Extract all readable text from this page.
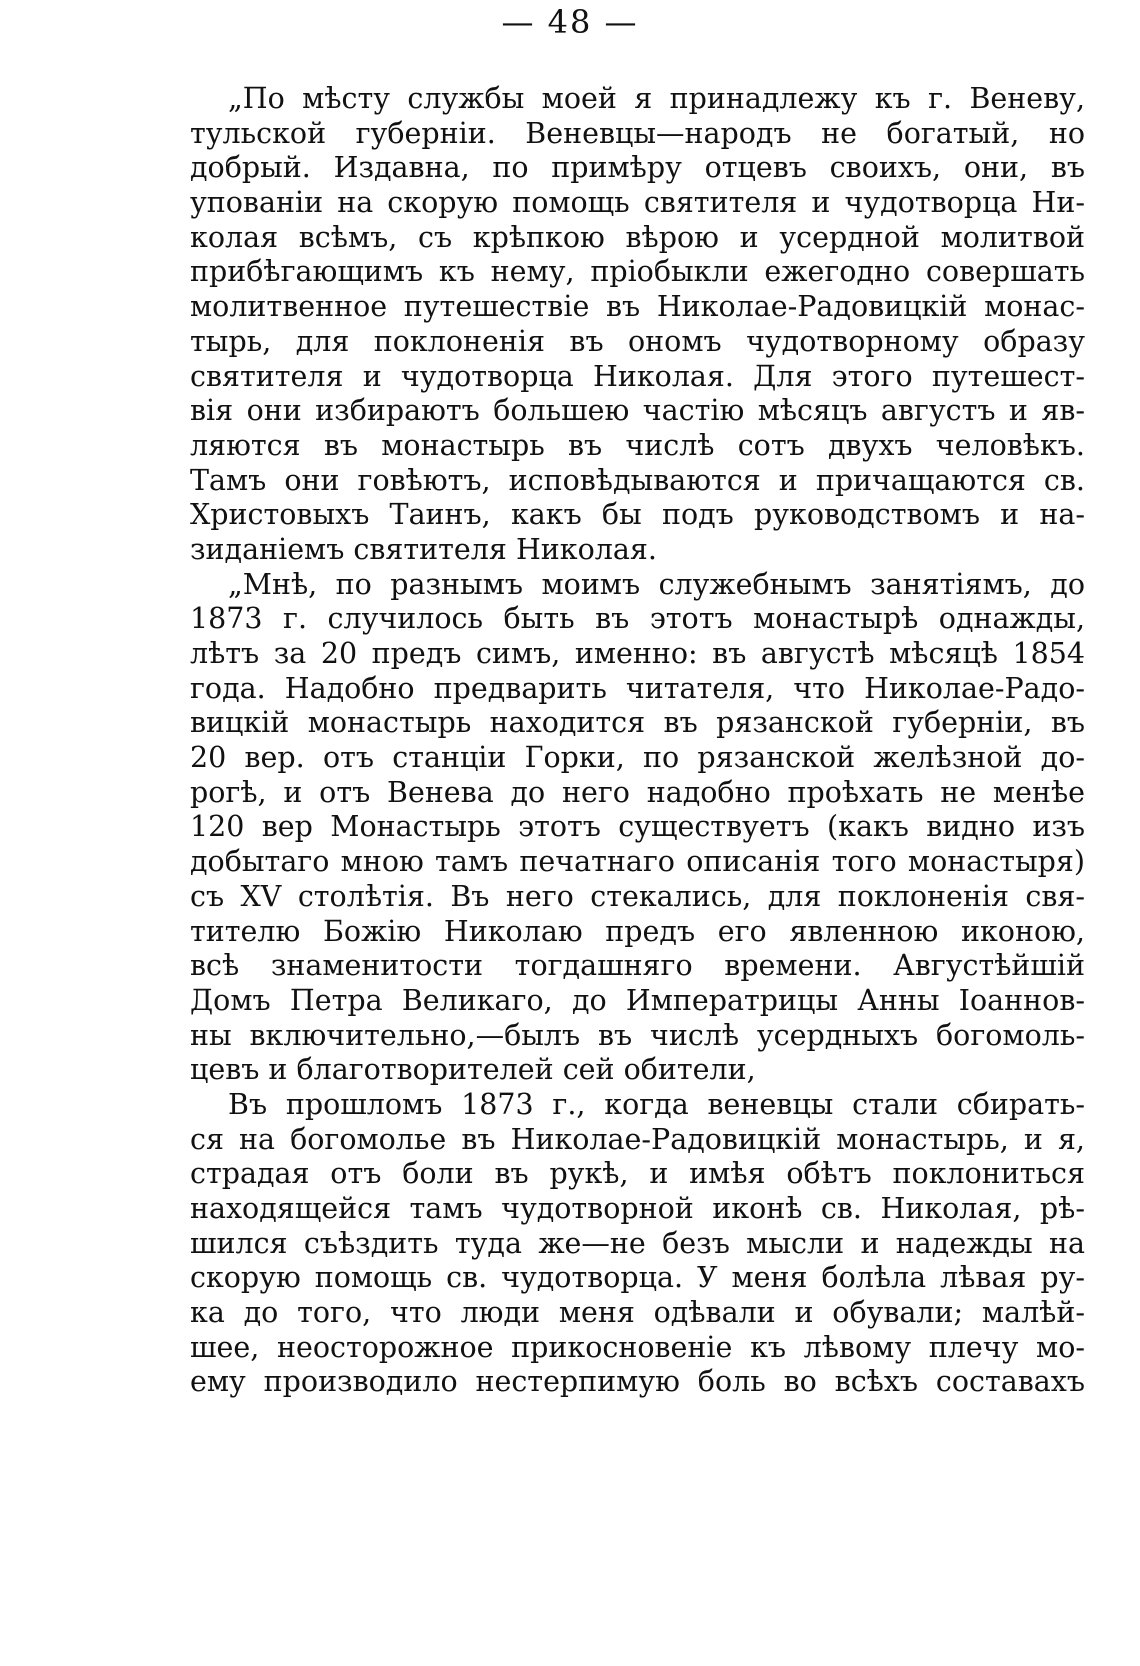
— 48 —
„По мѣсту службы моей я принадлежу къ г. Веневу,
тульской губерніи. Веневцы—народъ не богатый, но
добрый. Издавна, по примѣру отцевъ своихъ, они, въ
упованіи на скорую помощь святителя и чудотворца Ни-
колая всѣмъ, съ крѣпкою вѣрою и усердной молитвой
прибѣгающимъ къ нему, пріобыкли ежегодно совершать
молитвенное путешествіе въ Николае-Радовицкій монас-
тырь, для поклоненія въ ономъ чудотворному образу
святителя и чудотворца Николая. Для этого путешест-
вія они избираютъ большею частію мѣсяцъ августъ и яв-
ляются въ монастырь въ числѣ сотъ двухъ человѣкъ.
Тамъ они говѣютъ, исповѣдываются и причащаются св.
Христовыхъ Таинъ, какъ бы подъ руководствомъ и на-
зиданіемъ святителя Николая.
„Мнѣ, по разнымъ моимъ служебнымъ занятіямъ, до
1873 г. случилось быть въ этотъ монастырѣ однажды,
лѣтъ за 20 предъ симъ, именно: въ августѣ мѣсяцѣ 1854
года. Надобно предварить читателя, что Николае-Радо-
вицкій монастырь находится въ рязанской губерніи, въ
20 вер. отъ станціи Горки, по рязанской желѣзной до-
рогѣ, и отъ Венева до него надобно проѣхать не менѣе
120 вер Монастырь этотъ существуетъ (какъ видно изъ
добытаго мною тамъ печатнаго описанія того монастыря)
съ XV столѣтія. Въ него стекались, для поклоненія свя-
тителю Божію Николаю предъ его явленною иконою,
всѣ знаменитости тогдашняго времени. Августѣйшій
Домъ Петра Великаго, до Императрицы Анны Іоаннов-
ны включительно,—былъ въ числѣ усердныхъ богомоль-
цевъ и благотворителей сей обители,
Въ прошломъ 1873 г., когда веневцы стали сбирать-
ся на богомолье въ Николае-Радовицкій монастырь, и я,
страдая отъ боли въ рукѣ, и имѣя обѣтъ поклониться
находящейся тамъ чудотворной иконѣ св. Николая, рѣ-
шился съѣздить туда же—не безъ мысли и надежды на
скорую помощь св. чудотворца. У меня болѣла лѣвая ру-
ка до того, что люди меня одѣвали и обували; малѣй-
шее, неосторожное прикосновеніе къ лѣвому плечу мо-
ему производило нестерпимую боль во всѣхъ составахъ
